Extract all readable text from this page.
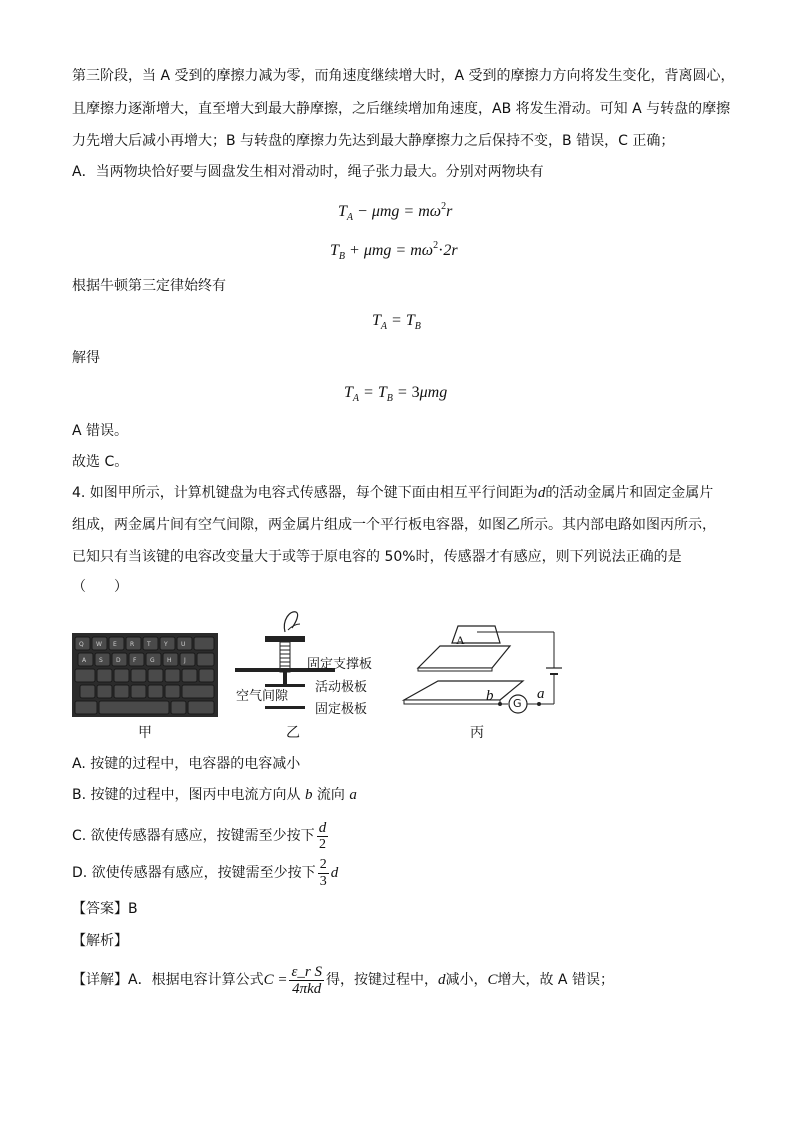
第三阶段，当 A 受到的摩擦力减为零，而角速度继续增大时，A 受到的摩擦力方向将发生变化，背离圆心，
且摩擦力逐渐增大，直至增大到最大静摩擦，之后继续增加角速度，AB 将发生滑动。可知 A 与转盘的摩擦
力先增大后减小再增大；B 与转盘的摩擦力先达到最大静摩擦力之后保持不变，B 错误，C 正确；
A．当两物块恰好要与圆盘发生相对滑动时，绳子张力最大。分别对两物块有
$T_A - \mu mg = m\omega^2r$
$T_B + \mu mg = m\omega^2\cdot 2r$
根据牛顿第三定律始终有
$T_A = T_B$
解得
$T_A = T_B = 3\mu mg$
A 错误。
故选 C。
4. 如图甲所示，计算机键盘为电容式传感器，每个键下面由相互平行间距为d的活动金属片和固定金属片
组成，两金属片间有空气间隙，两金属片组成一个平行板电容器，如图乙所示。其内部电路如图丙所示，
已知只有当该键的电容改变量大于或等于原电容的 50%时，传感器才有感应，则下列说法正确的是
（　　）
Q W E R T Y U
A S D F G H J
甲
固定支撑板
活动极板
空气间隙
固定极板
乙
A
b	a
G
丙
A. 按键的过程中，电容器的电容减小
B. 按键的过程中，图丙中电流方向从 b 流向 a
C. 欲使传感器有感应，按键需至少按下 $\frac{d}{2}$
D. 欲使传感器有感应，按键需至少按下 $\frac{2}{3}$ d
【答案】B
【解析】
【详解】A．根据电容计算公式$C = \frac{\text{ε\_r S}}{\text{4πkd}}$ 得，按键过程中，d减小，C增大，故 A 错误；
